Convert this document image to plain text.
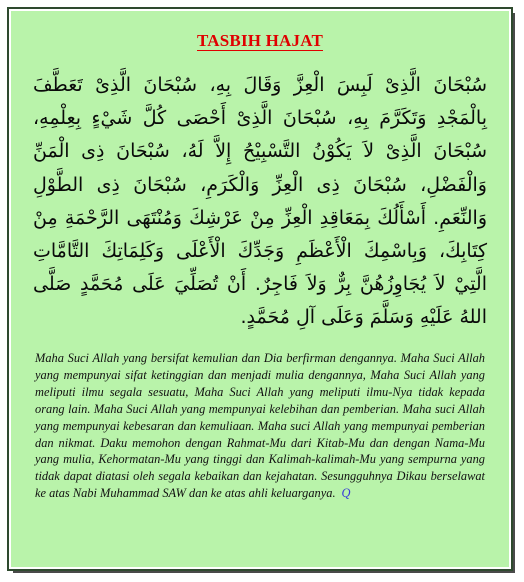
TASBIH HAJAT
سُبْحَانَ الَّذِىْ لَبِسَ الْعِزَّ وَقَالَ بِهِ، سُبْحَانَ الَّذِىْ تَعَطَّفَ بِالْمَجْدِ وَتَكَرَّمَ بِهِ، سُبْحَانَ الَّذِىْ أَحْصَى كُلَّ شَيْءٍ بِعِلْمِهِ، سُبْحَانَ الَّذِىْ لاَ يَكُوْنُ التَّسْبِيْحُ إِلاَّ لَهُ، سُبْحَانَ ذِى الْمَنِّ وَالْفَضْلِ، سُبْحَانَ ذِى الْعِزِّ وَالْكَرَمِ، سُبْحَانَ ذِى الطَّوْلِ وَالنِّعَمِ. أَسْأَلُكَ بِمَعَاقِدِ الْعِزِّ مِنْ عَرْشِكَ وَمُنْتَهَى الرَّحْمَةِ مِنْ كِتَابِكَ، وَبِاسْمِكَ الْأَعْظَمِ وَجَدِّكَ الْأَعْلَى وَكَلِمَاتِكَ التَّامَّاتِ الَّتِيْ لاَ يُجَاوِزُهُنَّ بِرٌّ وَلاَ فَاجِرٌ. أَنْ تُصَلِّيَ عَلَى مُحَمَّدٍ صَلَّى اللهُ عَلَيْهِ وَسَلَّمَ وَعَلَى آلِ مُحَمَّدٍ.
Maha Suci Allah yang bersifat kemulian dan Dia berfirman dengannya. Maha Suci Allah yang mempunyai sifat ketinggian dan menjadi mulia dengannya, Maha Suci Allah yang meliputi ilmu segala sesuatu, Maha Suci Allah yang meliputi ilmu-Nya tidak kepada orang lain. Maha Suci Allah yang mempunyai kelebihan dan pemberian. Maha suci Allah yang mempunyai kebesaran dan kemuliaan. Maha suci Allah yang mempunyai pemberian dan nikmat. Daku memohon dengan Rahmat-Mu dari Kitab-Mu dan dengan Nama-Mu yang mulia, Kehormatan-Mu yang tinggi dan Kalimah-kalimah-Mu yang sempurna yang tidak dapat diatasi oleh segala kebaikan dan kejahatan. Sesungguhnya Dikau berselawat ke atas Nabi Muhammad SAW dan ke atas ahli keluarganya. Q
